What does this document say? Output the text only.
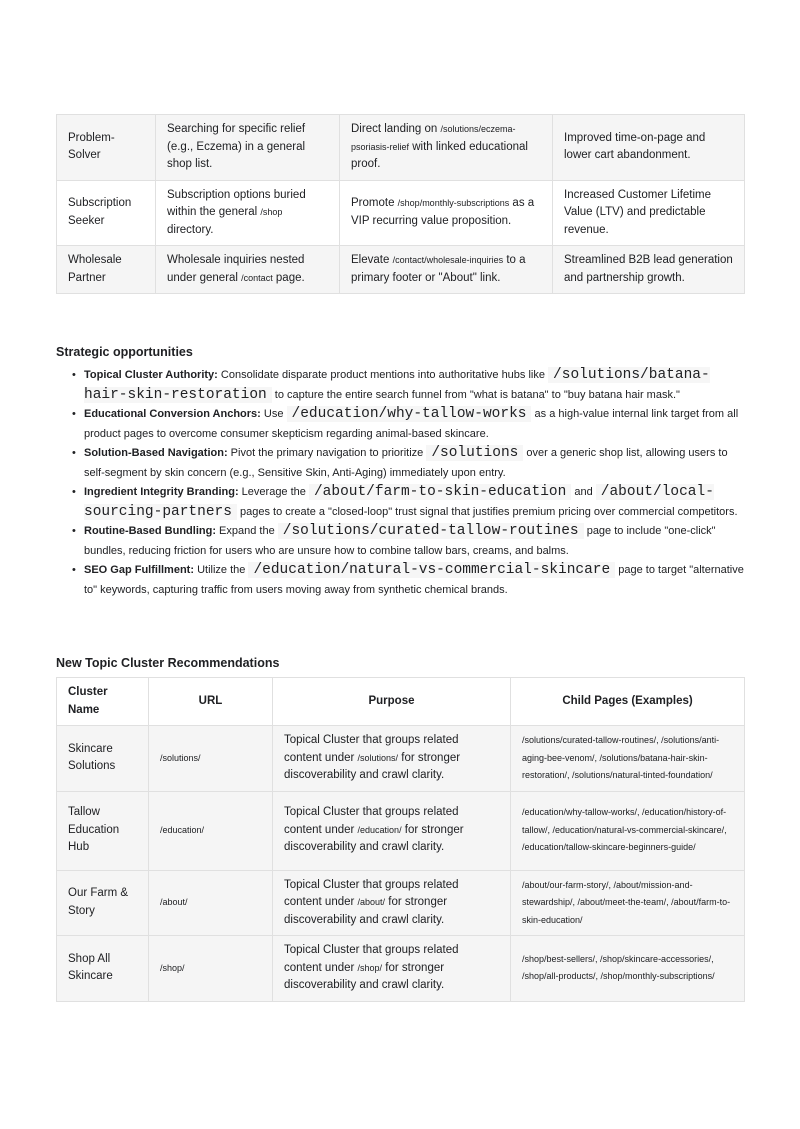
Problem-Solver	Searching for specific relief (e.g., Eczema) in a general shop list.	Direct landing on /solutions/eczema-psoriasis-relief with linked educational proof.	Improved time-on-page and lower cart abandonment.
Subscription Seeker	Subscription options buried within the general /shop directory.	Promote /shop/monthly-subscriptions as a VIP recurring value proposition.	Increased Customer Lifetime Value (LTV) and predictable revenue.
Wholesale Partner	Wholesale inquiries nested under general /contact page.	Elevate /contact/wholesale-inquiries to a primary footer or "About" link.	Streamlined B2B lead generation and partnership growth.
Strategic opportunities
• Topical Cluster Authority: Consolidate disparate product mentions into authoritative hubs like /solutions/batana-hair-skin-restoration to capture the entire search funnel from "what is batana" to "buy batana hair mask."
• Educational Conversion Anchors: Use /education/why-tallow-works as a high-value internal link target from all product pages to overcome consumer skepticism regarding animal-based skincare.
• Solution-Based Navigation: Pivot the primary navigation to prioritize /solutions over a generic shop list, allowing users to self-segment by skin concern (e.g., Sensitive Skin, Anti-Aging) immediately upon entry.
• Ingredient Integrity Branding: Leverage the /about/farm-to-skin-education and /about/local-sourcing-partners pages to create a "closed-loop" trust signal that justifies premium pricing over commercial competitors.
• Routine-Based Bundling: Expand the /solutions/curated-tallow-routines page to include "one-click" bundles, reducing friction for users who are unsure how to combine tallow bars, creams, and balms.
• SEO Gap Fulfillment: Utilize the /education/natural-vs-commercial-skincare page to target "alternative to" keywords, capturing traffic from users moving away from synthetic chemical brands.
New Topic Cluster Recommendations
Cluster Name	URL	Purpose	Child Pages (Examples)
Skincare Solutions	/solutions/	Topical Cluster that groups related content under /solutions/ for stronger discoverability and crawl clarity.	/solutions/curated-tallow-routines/, /solutions/anti-aging-bee-venom/, /solutions/batana-hair-skin-restoration/, /solutions/natural-tinted-foundation/
Tallow Education Hub	/education/	Topical Cluster that groups related content under /education/ for stronger discoverability and crawl clarity.	/education/why-tallow-works/, /education/history-of-tallow/, /education/natural-vs-commercial-skincare/, /education/tallow-skincare-beginners-guide/
Our Farm & Story	/about/	Topical Cluster that groups related content under /about/ for stronger discoverability and crawl clarity.	/about/our-farm-story/, /about/mission-and-stewardship/, /about/meet-the-team/, /about/farm-to-skin-education/
Shop All Skincare	/shop/	Topical Cluster that groups related content under /shop/ for stronger discoverability and crawl clarity.	/shop/best-sellers/, /shop/skincare-accessories/, /shop/all-products/, /shop/monthly-subscriptions/
